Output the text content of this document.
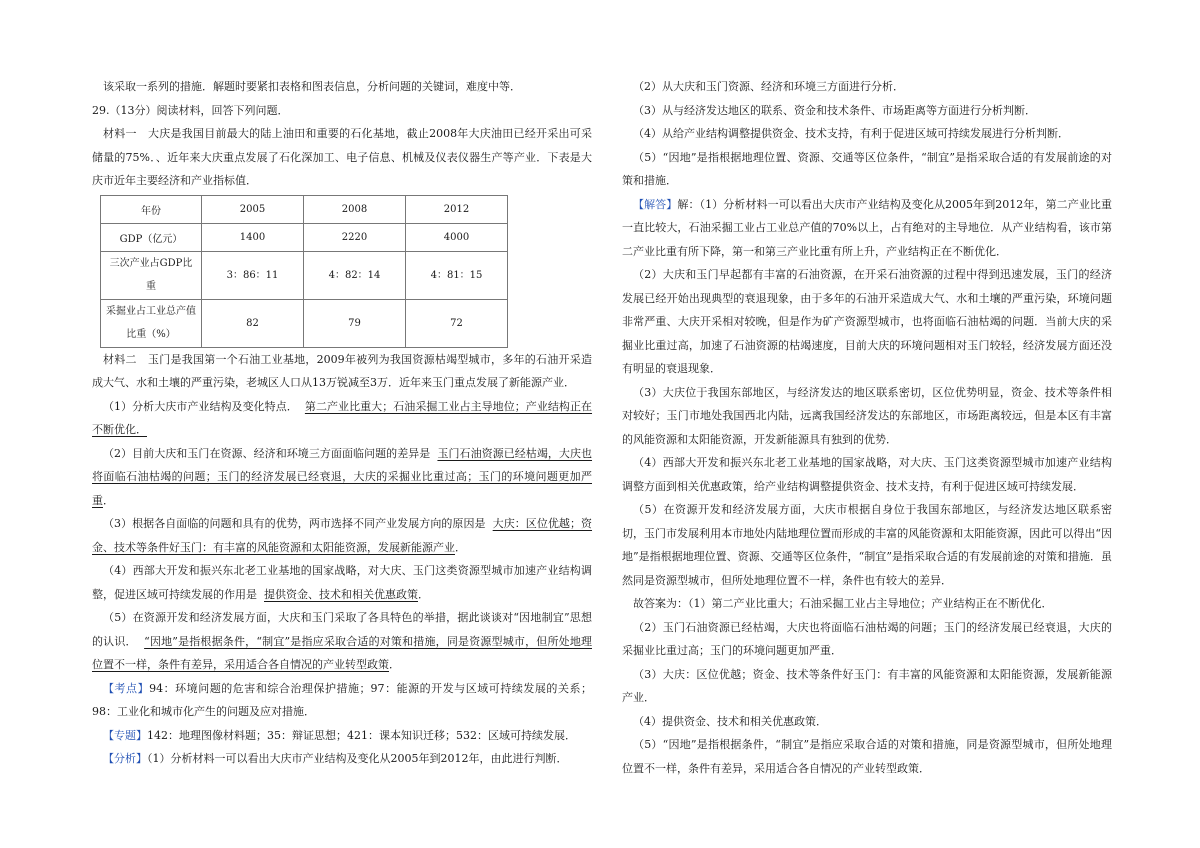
该采取一系列的措施．解题时要紧扣表格和图表信息，分析问题的关键词，难度中等．

29.（13分）阅读材料，回答下列问题．

材料一　大庆是我国目前最大的陆上油田和重要的石化基地，截止2008年大庆油田已经开采出可采储量的75%．、近年来大庆重点发展了石化深加工、电子信息、机械及仪表仪器生产等产业．下表是大庆市近年主要经济和产业指标值．

年份	2005	2008	2012
GDP（亿元）	1400	2220	4000
三次产业占GDP比重	3：86：11	4：82：14	4：81：15
采掘业占工业总产值比重（%）	82	79	72

材料二　玉门是我国第一个石油工业基地，2009年被列为我国资源枯竭型城市，多年的石油开采造成大气、水和土壤的严重污染，老城区人口从13万锐减至3万．近年来玉门重点发展了新能源产业．

（1）分析大庆市产业结构及变化特点． 第二产业比重大；石油采掘工业占主导地位；产业结构正在不断优化．

（2）目前大庆和玉门在资源、经济和环境三方面面临问题的差异是 玉门石油资源已经枯竭，大庆也将面临石油枯竭的问题；玉门的经济发展已经衰退，大庆的采掘业比重过高；玉门的环境问题更加严重．

（3）根据各自面临的问题和具有的优势，两市选择不同产业发展方向的原因是 大庆：区位优越；资金、技术等条件好玉门：有丰富的风能资源和太阳能资源，发展新能源产业．

（4）西部大开发和振兴东北老工业基地的国家战略，对大庆、玉门这类资源型城市加速产业结构调整，促进区域可持续发展的作用是 提供资金、技术和相关优惠政策．

（5）在资源开发和经济发展方面，大庆和玉门采取了各具特色的举措，据此谈谈对“因地制宜”思想的认识． “因地”是指根据条件，“制宜”是指应采取合适的对策和措施，同是资源型城市，但所处地理位置不一样，条件有差异，采用适合各自情况的产业转型政策．

【考点】94：环境问题的危害和综合治理保护措施；97：能源的开发与区域可持续发展的关系；98：工业化和城市化产生的问题及应对措施．

【专题】142：地理图像材料题；35：辩证思想；421：课本知识迁移；532：区域可持续发展．

【分析】（1）分析材料一可以看出大庆市产业结构及变化从2005年到2012年，由此进行判断．

（2）从大庆和玉门资源、经济和环境三方面进行分析．

（3）从与经济发达地区的联系、资金和技术条件、市场距离等方面进行分析判断．

（4）从给产业结构调整提供资金、技术支持，有利于促进区域可持续发展进行分析判断．

（5）“因地”是指根据地理位置、资源、交通等区位条件，“制宜”是指采取合适的有发展前途的对策和措施．

【解答】解：（1）分析材料一可以看出大庆市产业结构及变化从2005年到2012年，第二产业比重一直比较大，石油采掘工业占工业总产值的70%以上，占有绝对的主导地位．从产业结构看，该市第二产业比重有所下降，第一和第三产业比重有所上升，产业结构正在不断优化．

（2）大庆和玉门早起都有丰富的石油资源，在开采石油资源的过程中得到迅速发展，玉门的经济发展已经开始出现典型的衰退现象，由于多年的石油开采造成大气、水和土壤的严重污染，环境问题非常严重、大庆开采相对较晚，但是作为矿产资源型城市，也将面临石油枯竭的问题．当前大庆的采掘业比重过高，加速了石油资源的枯竭速度，目前大庆的环境问题相对玉门较轻，经济发展方面还没有明显的衰退现象．

（3）大庆位于我国东部地区，与经济发达的地区联系密切，区位优势明显，资金、技术等条件相对较好；玉门市地处我国西北内陆，远离我国经济发达的东部地区，市场距离较远，但是本区有丰富的风能资源和太阳能资源，开发新能源具有独到的优势．

（4）西部大开发和振兴东北老工业基地的国家战略，对大庆、玉门这类资源型城市加速产业结构调整方面到相关优惠政策，给产业结构调整提供资金、技术支持，有利于促进区域可持续发展．

（5）在资源开发和经济发展方面，大庆市根据自身位于我国东部地区，与经济发达地区联系密切，玉门市发展利用本市地处内陆地理位置而形成的丰富的风能资源和太阳能资源，因此可以得出“因地”是指根据地理位置、资源、交通等区位条件，“制宜”是指采取合适的有发展前途的对策和措施．虽然同是资源型城市，但所处地理位置不一样，条件也有较大的差异．

故答案为：（1）第二产业比重大；石油采掘工业占主导地位；产业结构正在不断优化．

（2）玉门石油资源已经枯竭，大庆也将面临石油枯竭的问题；玉门的经济发展已经衰退，大庆的采掘业比重过高；玉门的环境问题更加严重．

（3）大庆：区位优越；资金、技术等条件好玉门：有丰富的风能资源和太阳能资源，发展新能源产业．

（4）提供资金、技术和相关优惠政策．

（5）“因地”是指根据条件，“制宜”是指应采取合适的对策和措施，同是资源型城市，但所处地理位置不一样，条件有差异，采用适合各自情况的产业转型政策．
